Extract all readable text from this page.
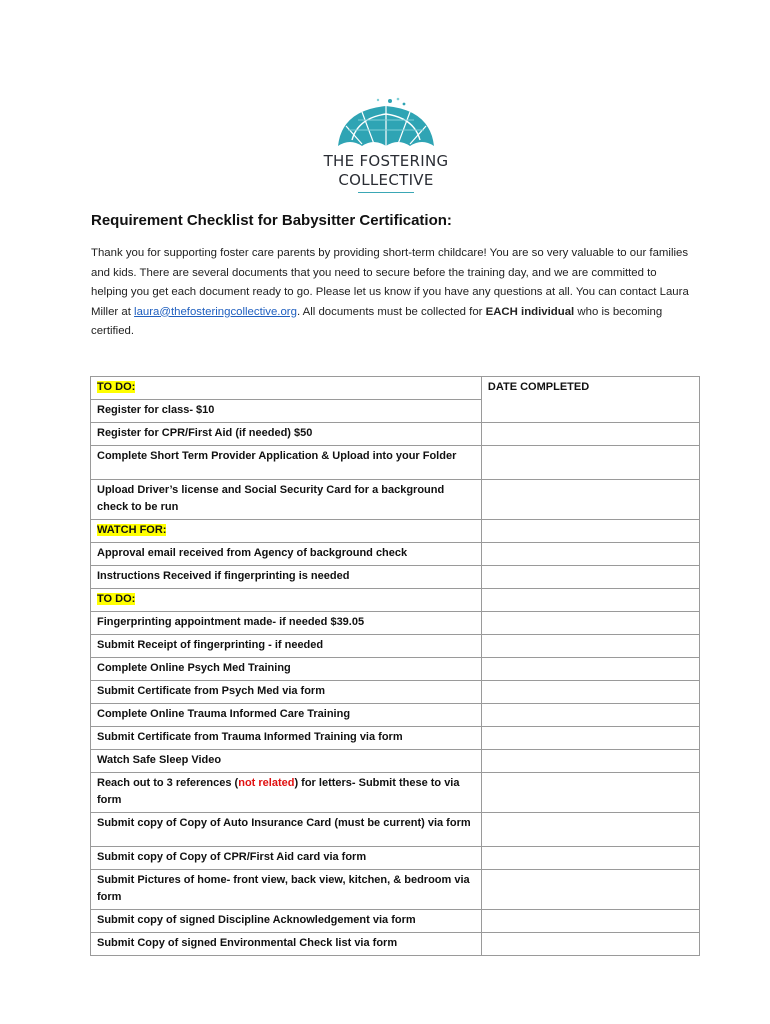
THE FOSTERING
COLLECTIVE
Requirement Checklist for Babysitter Certification:
Thank you for supporting foster care parents by providing short-term childcare! You are so very valuable to our families and kids. There are several documents that you need to secure before the training day, and we are committed to helping you get each document ready to go. Please let us know if you have any questions at all. You can contact Laura Miller at laura@thefosteringcollective.org. All documents must be collected for EACH individual who is becoming certified.
TO DO:	DATE COMPLETED
Register for class- $10	
Register for CPR/First Aid (if needed) $50	
Complete Short Term Provider Application & Upload into your Folder	
Upload Driver’s license and Social Security Card for a background check to be run	
WATCH FOR:	
Approval email received from Agency of background check	
Instructions Received if fingerprinting is needed	
TO DO:	
Fingerprinting appointment made- if needed $39.05	
Submit Receipt of fingerprinting - if needed	
Complete Online Psych Med Training	
Submit Certificate from Psych Med via form	
Complete Online Trauma Informed Care Training	
Submit Certificate from Trauma Informed Training via form	
Watch Safe Sleep Video	
Reach out to 3 references (not related) for letters- Submit these to via form	
Submit copy of Copy of Auto Insurance Card (must be current) via form	
Submit copy of Copy of CPR/First Aid card via form	
Submit Pictures of home- front view, back view, kitchen, & bedroom via form	
Submit copy of signed Discipline Acknowledgement via form	
Submit Copy of signed Environmental Check list via form	
